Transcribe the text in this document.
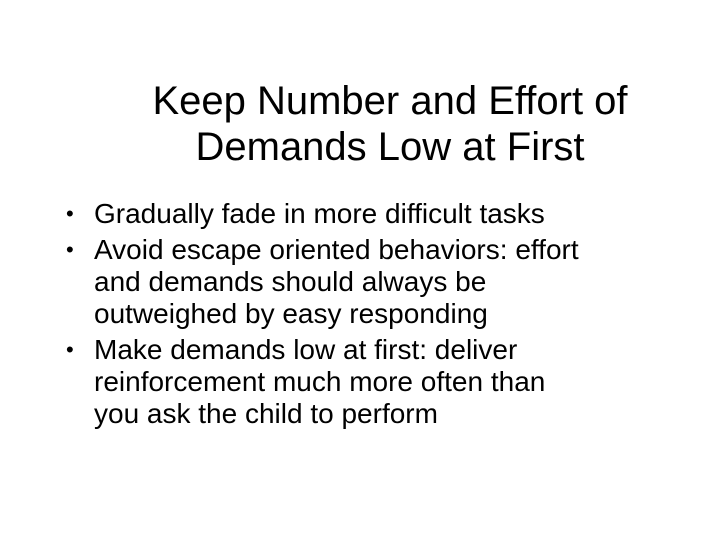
Keep Number and Effort of
Demands Low at First
• Gradually fade in more difficult tasks
• Avoid escape oriented behaviors: effort
and demands should always be
outweighed by easy responding
• Make demands low at first: deliver
reinforcement much more often than
you ask the child to perform
